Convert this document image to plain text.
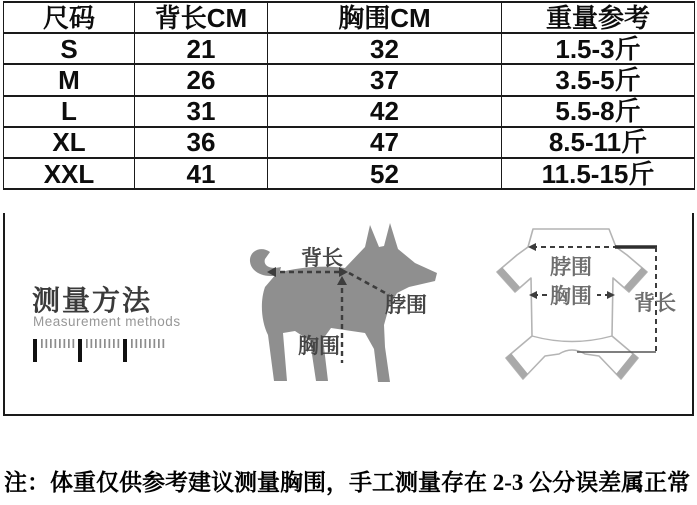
尺码	背长CM	胸围CM	重量参考
S	21	32	1.5-3斤
M	26	37	3.5-5斤
L	31	42	5.5-8斤
XL	36	47	8.5-11斤
XXL	41	52	11.5-15斤
测量方法
Measurement methods
背长
脖围
胸围
脖围
胸围 背长
注：体重仅供参考建议测量胸围，手工测量存在 2-3 公分误差属正常
